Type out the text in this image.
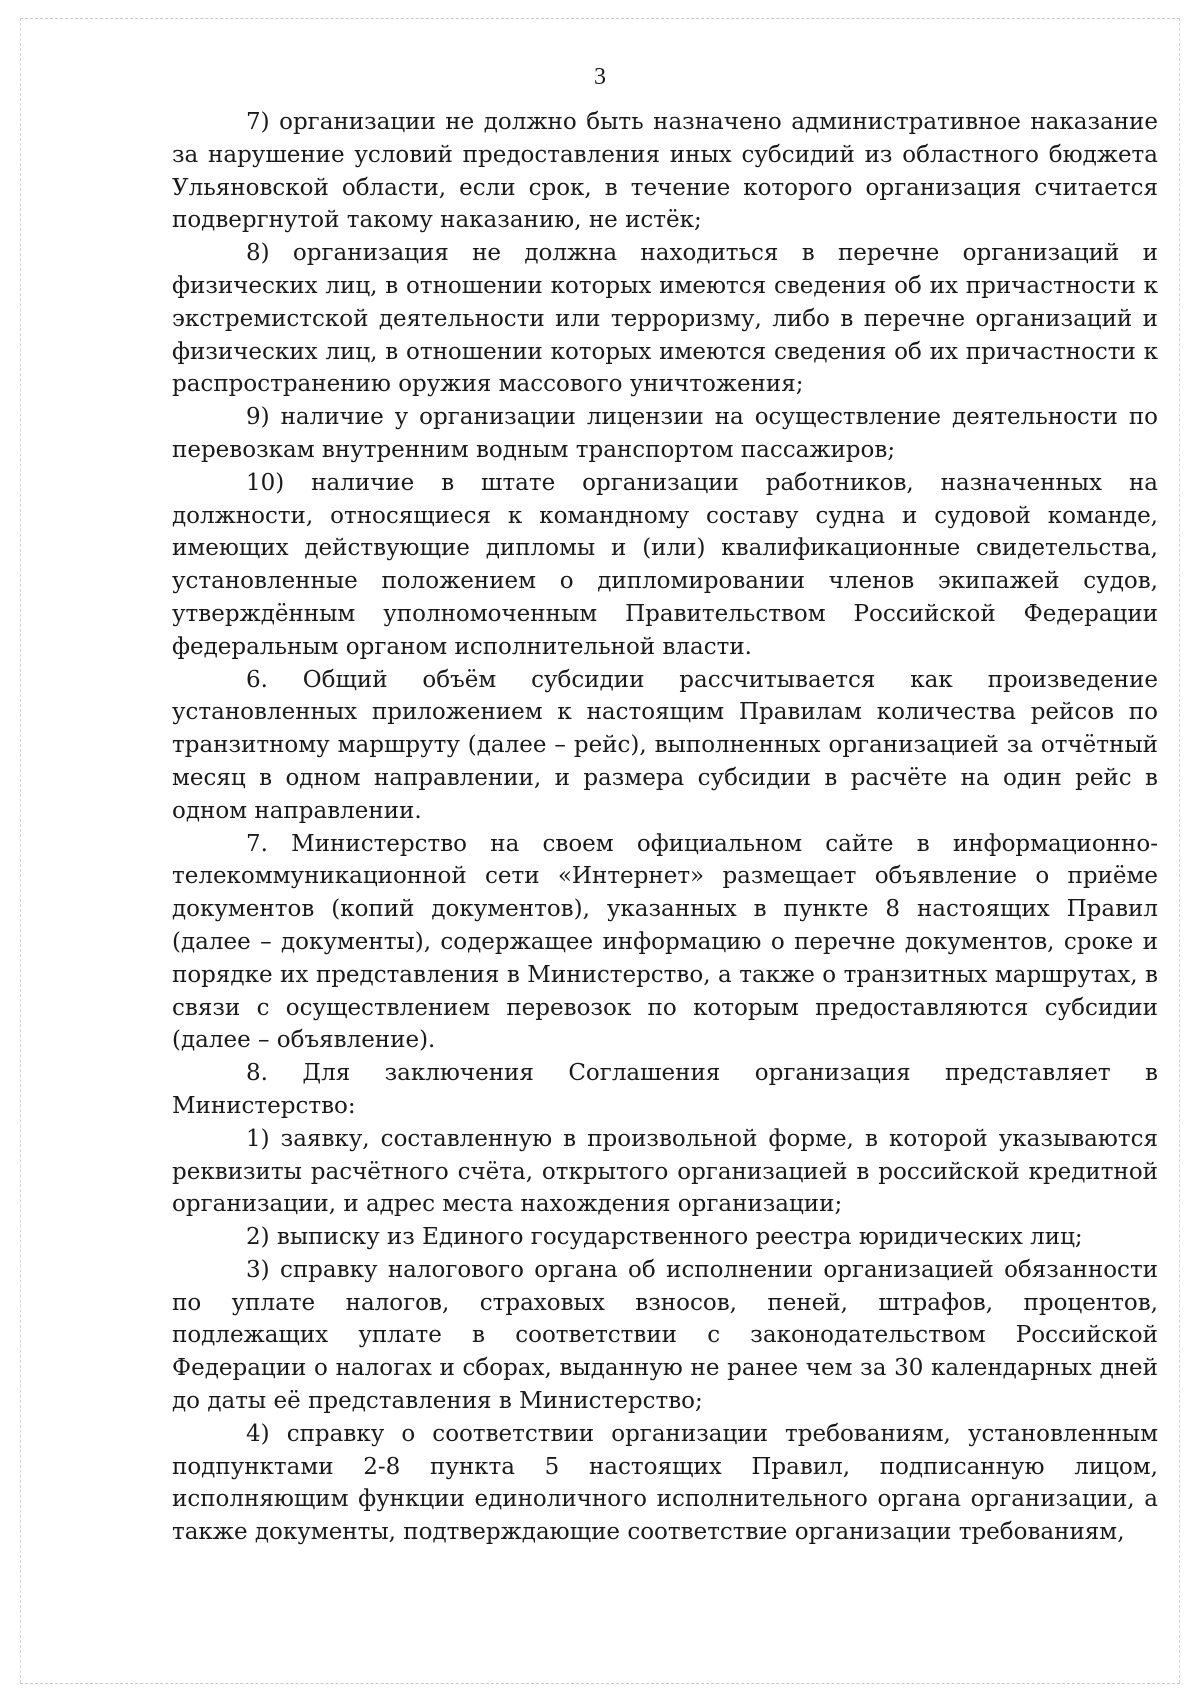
3

7) организации не должно быть назначено административное наказание за нарушение условий предоставления иных субсидий из областного бюджета Ульяновской области, если срок, в течение которого организация считается подвергнутой такому наказанию, не истёк;

8) организация не должна находиться в перечне организаций и физических лиц, в отношении которых имеются сведения об их причастности к экстремистской деятельности или терроризму, либо в перечне организаций и физических лиц, в отношении которых имеются сведения об их причастности к распространению оружия массового уничтожения;

9) наличие у организации лицензии на осуществление деятельности по перевозкам внутренним водным транспортом пассажиров;

10) наличие в штате организации работников, назначенных на должности, относящиеся к командному составу судна и судовой команде, имеющих действующие дипломы и (или) квалификационные свидетельства, установленные положением о дипломировании членов экипажей судов, утверждённым уполномоченным Правительством Российской Федерации федеральным органом исполнительной власти.

6. Общий объём субсидии рассчитывается как произведение установленных приложением к настоящим Правилам количества рейсов по транзитному маршруту (далее – рейс), выполненных организацией за отчётный месяц в одном направлении, и размера субсидии в расчёте на один рейс в одном направлении.

7. Министерство на своем официальном сайте в информационно-телекоммуникационной сети «Интернет» размещает объявление о приёме документов (копий документов), указанных в пункте 8 настоящих Правил (далее – документы), содержащее информацию о перечне документов, сроке и порядке их представления в Министерство, а также о транзитных маршрутах, в связи с осуществлением перевозок по которым предоставляются субсидии (далее – объявление).

8. Для заключения Соглашения организация представляет в Министерство:

1) заявку, составленную в произвольной форме, в которой указываются реквизиты расчётного счёта, открытого организацией в российской кредитной организации, и адрес места нахождения организации;

2) выписку из Единого государственного реестра юридических лиц;

3) справку налогового органа об исполнении организацией обязанности по уплате налогов, страховых взносов, пеней, штрафов, процентов, подлежащих уплате в соответствии с законодательством Российской Федерации о налогах и сборах, выданную не ранее чем за 30 календарных дней до даты её представления в Министерство;

4) справку о соответствии организации требованиям, установленным подпунктами 2-8 пункта 5 настоящих Правил, подписанную лицом, исполняющим функции единоличного исполнительного органа организации, а также документы, подтверждающие соответствие организации требованиям,
